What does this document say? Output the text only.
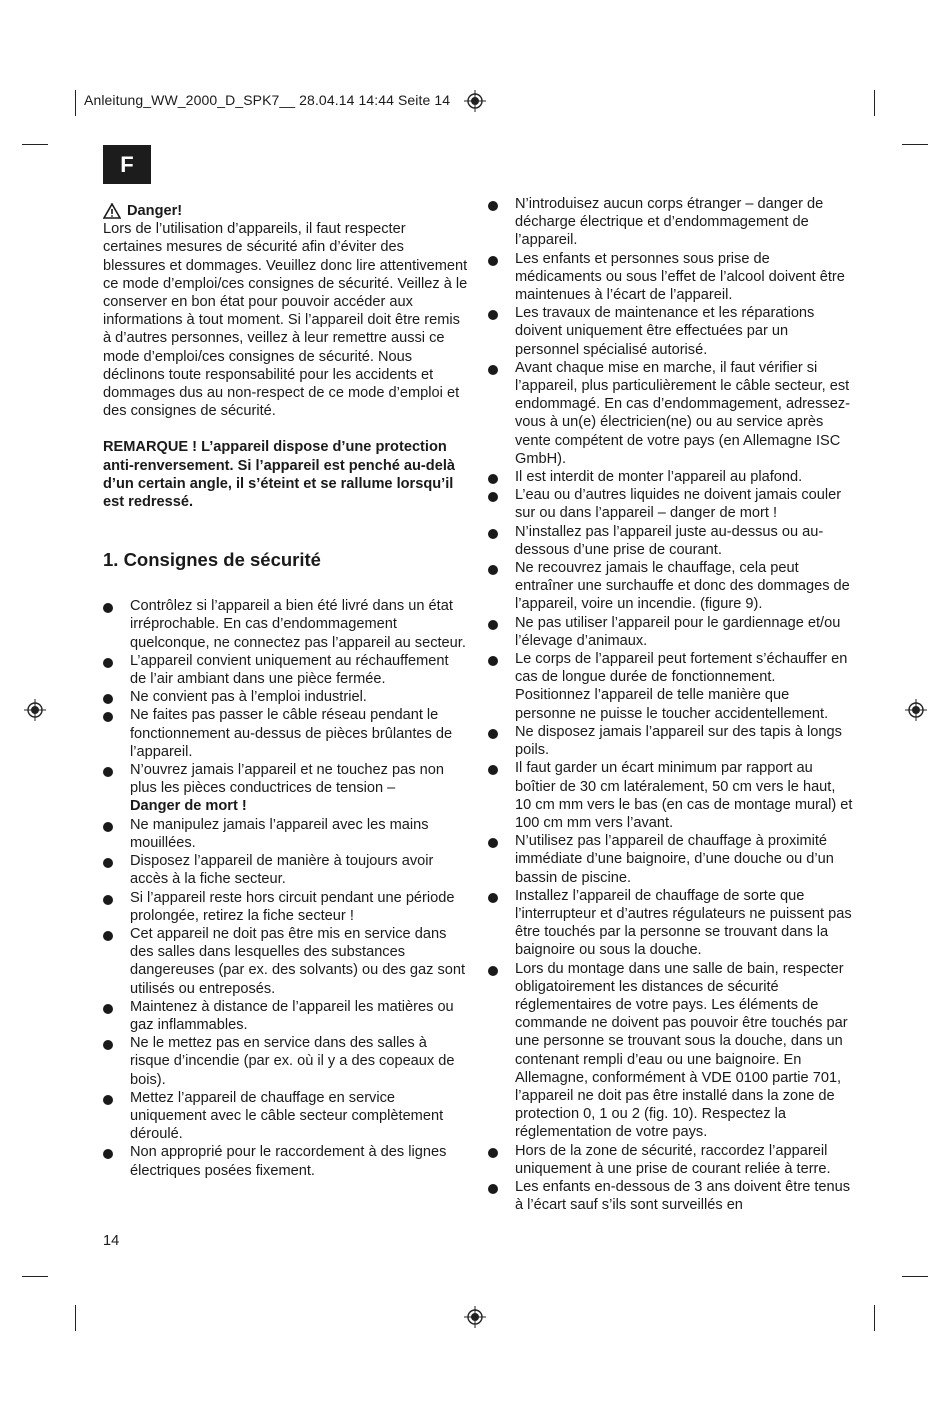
Anleitung_WW_2000_D_SPK7__ 28.04.14 14:44 Seite 14
F
Danger!

Lors de l’utilisation d’appareils, il faut respecter certaines mesures de sécurité afin d’éviter des blessures et dommages. Veuillez donc lire attentivement ce mode d’emploi/ces consignes de sécurité. Veillez à le conserver en bon état pour pouvoir accéder aux informations à tout moment. Si l’appareil doit être remis à d’autres personnes, veillez à leur remettre aussi ce mode d’emploi/ces consignes de sécurité. Nous déclinons toute responsabilité pour les accidents et dommages dus au non-respect de ce mode d’emploi et des consignes de sécurité.

REMARQUE ! L’appareil dispose d’une protection anti-renversement. Si l’appareil est penché au-delà d’un certain angle, il s’éteint et se rallume lorsqu’il est redressé.

1. Consignes de sécurité
Contrôlez si l’appareil a bien été livré dans un état irréprochable. En cas d’endommagement quelconque, ne connectez pas l’appareil au secteur.
L’appareil convient uniquement au réchauffement de l’air ambiant dans une pièce fermée.
Ne convient pas à l’emploi industriel.
Ne faites pas passer le câble réseau pendant le fonctionnement au-dessus de pièces brûlantes de l’appareil.
N’ouvrez jamais l’appareil et ne touchez pas non plus les pièces conductrices de tension –
Danger de mort !
Ne manipulez jamais l’appareil avec les mains mouillées.
Disposez l’appareil de manière à toujours avoir accès à la fiche secteur.
Si l’appareil reste hors circuit pendant une période prolongée, retirez la fiche secteur !
Cet appareil ne doit pas être mis en service dans des salles dans lesquelles des substances dangereuses (par ex. des solvants) ou des gaz sont utilisés ou entreposés.
Maintenez à distance de l’appareil les matières ou gaz inflammables.
Ne le mettez pas en service dans des salles à risque d’incendie (par ex. où il y a des copeaux de bois).
Mettez l’appareil de chauffage en service uniquement avec le câble secteur complètement déroulé.
Non approprié pour le raccordement à des lignes électriques posées fixement.
N’introduisez aucun corps étranger – danger de décharge électrique et d’endommagement de l’appareil.
Les enfants et personnes sous prise de médicaments ou sous l’effet de l’alcool doivent être maintenues à l’écart de l’appareil.
Les travaux de maintenance et les réparations doivent uniquement être effectuées par un personnel spécialisé autorisé.
Avant chaque mise en marche, il faut vérifier si l’appareil, plus particulièrement le câble secteur, est endommagé. En cas d’endommagement, adressez-vous à un(e) électricien(ne) ou au service après vente compétent de votre pays (en Allemagne ISC GmbH).
Il est interdit de monter l’appareil au plafond.
L’eau ou d’autres liquides ne doivent jamais couler sur ou dans l’appareil – danger de mort !
N’installez pas l’appareil juste au-dessus ou au-dessous d’une prise de courant.
Ne recouvrez jamais le chauffage, cela peut entraîner une surchauffe et donc des dommages de l’appareil, voire un incendie. (figure 9).
Ne pas utiliser l’appareil pour le gardiennage et/ou l’élevage d’animaux.
Le corps de l’appareil peut fortement s’échauffer en cas de longue durée de fonctionnement. Positionnez l’appareil de telle manière que personne ne puisse le toucher accidentellement.
Ne disposez jamais l’appareil sur des tapis à longs poils.
Il faut garder un écart minimum par rapport au boîtier de 30 cm latéralement, 50 cm vers le haut, 10 cm mm vers le bas (en cas de montage mural) et 100 cm mm vers l’avant.
N’utilisez pas l’appareil de chauffage à proximité immédiate d’une baignoire, d’une douche ou d’un bassin de piscine.
Installez l’appareil de chauffage de sorte que l’interrupteur et d’autres régulateurs ne puissent pas être touchés par la personne se trouvant dans la baignoire ou sous la douche.
Lors du montage dans une salle de bain, respecter obligatoirement les distances de sécurité réglementaires de votre pays. Les éléments de commande ne doivent pas pouvoir être touchés par une personne se trouvant sous la douche, dans un contenant rempli d’eau ou une baignoire. En Allemagne, conformément à VDE 0100 partie 701, l’appareil ne doit pas être installé dans la zone de protection 0, 1 ou 2 (fig. 10). Respectez la réglementation de votre pays.
Hors de la zone de sécurité, raccordez l’appareil uniquement à une prise de courant reliée à terre.
Les enfants en-dessous de 3 ans doivent être tenus à l’écart sauf s’ils sont surveillés en
14
